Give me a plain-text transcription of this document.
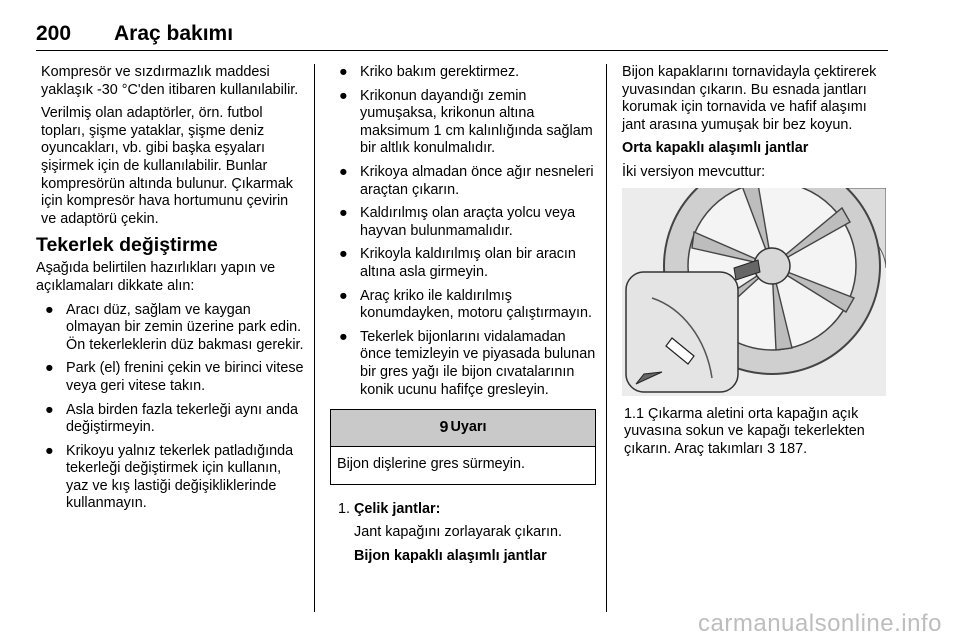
200 Araç bakımı

Kompresör ve sızdırmazlık maddesi yaklaşık -30 °C'den itibaren kullanılabilir.

Verilmiş olan adaptörler, örn. futbol topları, şişme yataklar, şişme deniz oyuncakları, vb. gibi başka eşyaları şişirmek için de kullanılabilir. Bunlar kompresörün altında bulunur. Çıkarmak için kompresör hava hortumunu çevirin ve adaptörü çekin.

Tekerlek değiştirme

Aşağıda belirtilen hazırlıkları yapın ve açıklamaları dikkate alın:

● Aracı düz, sağlam ve kaygan olmayan bir zemin üzerine park edin. Ön tekerleklerin düz bakması gerekir.
● Park (el) frenini çekin ve birinci vitese veya geri vitese takın.
● Asla birden fazla tekerleği aynı anda değiştirmeyin.
● Krikoyu yalnız tekerlek patladığında tekerleği değiştirmek için kullanın, yaz ve kış lastiği değişikliklerinde kullanmayın.
● Kriko bakım gerektirmez.
● Krikonun dayandığı zemin yumuşaksa, krikonun altına maksimum 1 cm kalınlığında sağlam bir altlık konulmalıdır.
● Krikoya almadan önce ağır nesneleri araçtan çıkarın.
● Kaldırılmış olan araçta yolcu veya hayvan bulunmamalıdır.
● Krikoyla kaldırılmış olan bir aracın altına asla girmeyin.
● Araç kriko ile kaldırılmış konumdayken, motoru çalıştırmayın.
● Tekerlek bijonlarını vidalamadan önce temizleyin ve piyasada bulunan bir gres yağı ile bijon cıvatalarının konik ucunu hafifçe gresleyin.
9 Uyarı
Bijon dişlerine gres sürmeyin.
1. Çelik jantlar:

Jant kapağını zorlayarak çıkarın.

Bijon kapaklı alaşımlı jantlar

Bijon kapaklarını tornavidayla çektirerek yuvasından çıkarın. Bu esnada jantları korumak için tornavida ve hafif alaşımı jant arasına yumuşak bir bez koyun.

Orta kapaklı alaşımlı jantlar

İki versiyon mevcuttur:

1.1 Çıkarma aletini orta kapağın açık yuvasına sokun ve kapağı tekerlekten çıkarın. Araç takımları 3 187.

carmanualsonline.info
